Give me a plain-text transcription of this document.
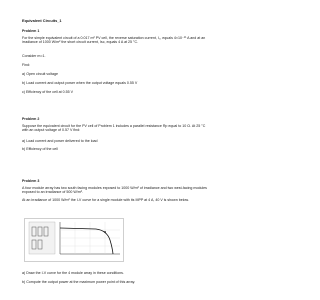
Equivalent Circuits_1
Problem 1
For the simple equivalent circuit of a 0.017 m² PV cell, the reverse saturation current, I₀, equals 4×10⁻¹¹ A and at an irradiance of 1000 W/m² the short circuit current, Isc, equals 4 A at 25 °C.
Consider m=1.
Find:
a) Open circuit voltage
b) Load current and output power when the output voltage equals 0.55 V
c) Efficiency of the cell at 0.55 V
Problem 2
Suppose the equivalent circuit for the PV cell of Problem 1 includes a parallel resistance Rp equal to 10 Ω. At 25 °C with an output voltage of 0.57 V find:
a) Load current and power delivered to the load
b) Efficiency of the cell
Problem 3
A four module array has two south facing modules exposed to 1000 W/m² of irradiance and two west-facing modules exposed to an irradiance of 500 W/m².
At an irradiance of 1000 W/m² the I-V curve for a single module with its MPP at 4 A, 40 V is shown below.
a) Draw the I-V curve for the 4 module array in these conditions.
b) Compute the output power at the maximum power point of this array.
